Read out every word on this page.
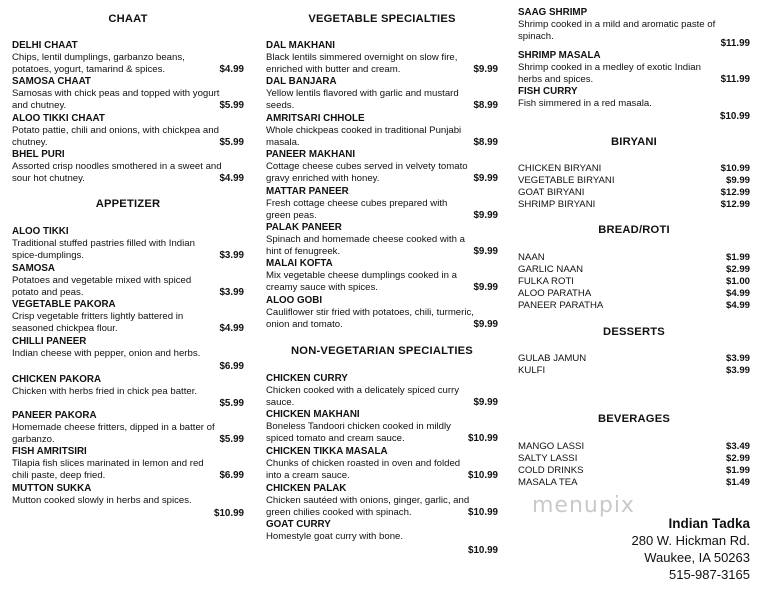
CHAAT
DELHI CHAAT
Chips, lentil dumplings, garbanzo beans,
potatoes, yogurt, tamarind & spices.	$4.99
SAMOSA CHAAT
Samosas with chick peas and topped with yogurt
and chutney.	$5.99
ALOO TIKKI CHAAT
Potato pattie, chili and onions, with chickpea and
chutney.	$5.99
BHEL PURI
Assorted crisp noodles smothered in a sweet and
sour hot chutney.	$4.99
APPETIZER
ALOO TIKKI
Traditional stuffed pastries filled with Indian
spice-dumplings.	$3.99
SAMOSA
Potatoes and vegetable mixed with spiced
potato and peas.	$3.99
VEGETABLE PAKORA
Crisp vegetable fritters lightly battered in
seasoned chickpea flour.	$4.99
CHILLI PANEER
Indian cheese with pepper, onion and herbs.
$6.99
CHICKEN PAKORA
Chicken with herbs fried in chick pea batter.
$5.99
PANEER PAKORA
Homemade cheese fritters, dipped in a batter of
garbanzo.	$5.99
FISH AMRITSIRI
Tilapia fish slices marinated in lemon and red
chili paste, deep fried.	$6.99
MUTTON SUKKA
Mutton cooked slowly in herbs and spices.
$10.99
VEGETABLE SPECIALTIES
DAL MAKHANI
Black lentils simmered overnight on slow fire,
enriched with butter and cream.	$9.99
DAL BANJARA
Yellow lentils flavored with garlic and mustard
seeds.	$8.99
AMRITSARI CHHOLE
Whole chickpeas cooked in traditional Punjabi
masala.	$8.99
PANEER MAKHANI
Cottage cheese cubes served in velvety tomato
gravy enriched with honey.	$9.99
MATTAR PANEER
Fresh cottage cheese cubes prepared with
green peas.	$9.99
PALAK PANEER
Spinach and homemade cheese cooked with a
hint of fenugreek.	$9.99
MALAI KOFTA
Mix vegetable cheese dumplings cooked in a
creamy sauce with spices.	$9.99
ALOO GOBI
Cauliflower stir fried with potatoes, chili, turmeric,
onion and tomato.	$9.99
NON-VEGETARIAN SPECIALTIES
CHICKEN CURRY
Chicken cooked with a delicately spiced curry
sauce.	$9.99
CHICKEN MAKHANI
Boneless Tandoori chicken cooked in mildly
spiced tomato and cream sauce.	$10.99
CHICKEN TIKKA MASALA
Chunks of chicken roasted in oven and folded
into a cream sauce.	$10.99
CHICKEN PALAK
Chicken sautéed with onions, ginger, garlic, and
green chilies cooked with spinach.	$10.99
GOAT CURRY
Homestyle goat curry with bone.
$10.99
SAAG SHRIMP
Shrimp cooked in a mild and aromatic paste of
spinach.
$11.99
SHRIMP MASALA
Shrimp cooked in a medley of exotic Indian
herbs and spices.	$11.99
FISH CURRY
Fish simmered in a red masala.
$10.99
BIRYANI
CHICKEN BIRYANI	$10.99
VEGETABLE BIRYANI	$9.99
GOAT BIRYANI	$12.99
SHRIMP BIRYANI	$12.99
BREAD/ROTI
NAAN	$1.99
GARLIC NAAN	$2.99
FULKA ROTI	$1.00
ALOO PARATHA	$4.99
PANEER PARATHA	$4.99
DESSERTS
GULAB JAMUN	$3.99
KULFI	$3.99
BEVERAGES
MANGO LASSI	$3.49
SALTY LASSI	$2.99
COLD DRINKS	$1.99
MASALA TEA	$1.49
menupix
Indian Tadka
280 W. Hickman Rd.
Waukee, IA 50263
515-987-3165
